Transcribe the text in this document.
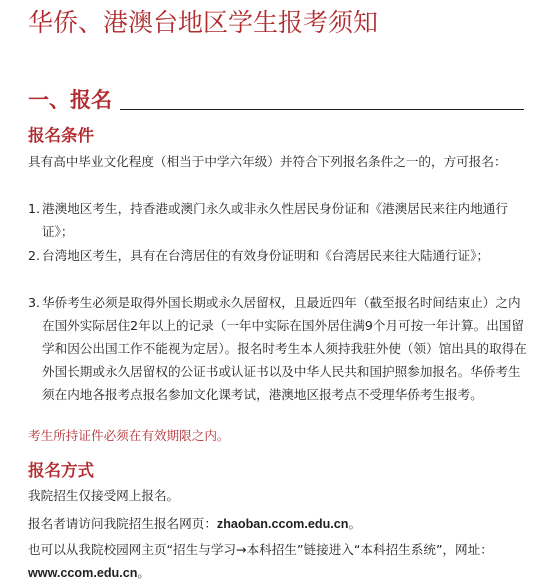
华侨、港澳台地区学生报考须知
一、报名
报名条件

具有高中毕业文化程度（相当于中学六年级）并符合下列报名条件之一的，方可报名：

1. 港澳地区考生，持香港或澳门永久或非永久性居民身份证和《港澳居民来往内地通行证》；
2. 台湾地区考生，具有在台湾居住的有效身份证明和《台湾居民来往大陆通行证》；
3. 华侨考生必须是取得外国长期或永久居留权，且最近四年（截至报名时间结束止）之内在国外实际居住2年以上的记录（一年中实际在国外居住满9个月可按一年计算。出国留学和因公出国工作不能视为定居）。报名时考生本人须持我驻外使（领）馆出具的取得在外国长期或永久居留权的公证书或认证书以及中华人民共和国护照参加报名。华侨考生须在内地各报考点报名参加文化课考试，港澳地区报考点不受理华侨考生报考。
考生所持证件必须在有效期限之内。
报名方式
我院招生仅接受网上报名。
报名者请访问我院招生报名网页：zhaoban.ccom.edu.cn。
也可以从我院校园网主页“招生与学习→本科招生”链接进入“本科招生系统”，网址：www.ccom.edu.cn。
